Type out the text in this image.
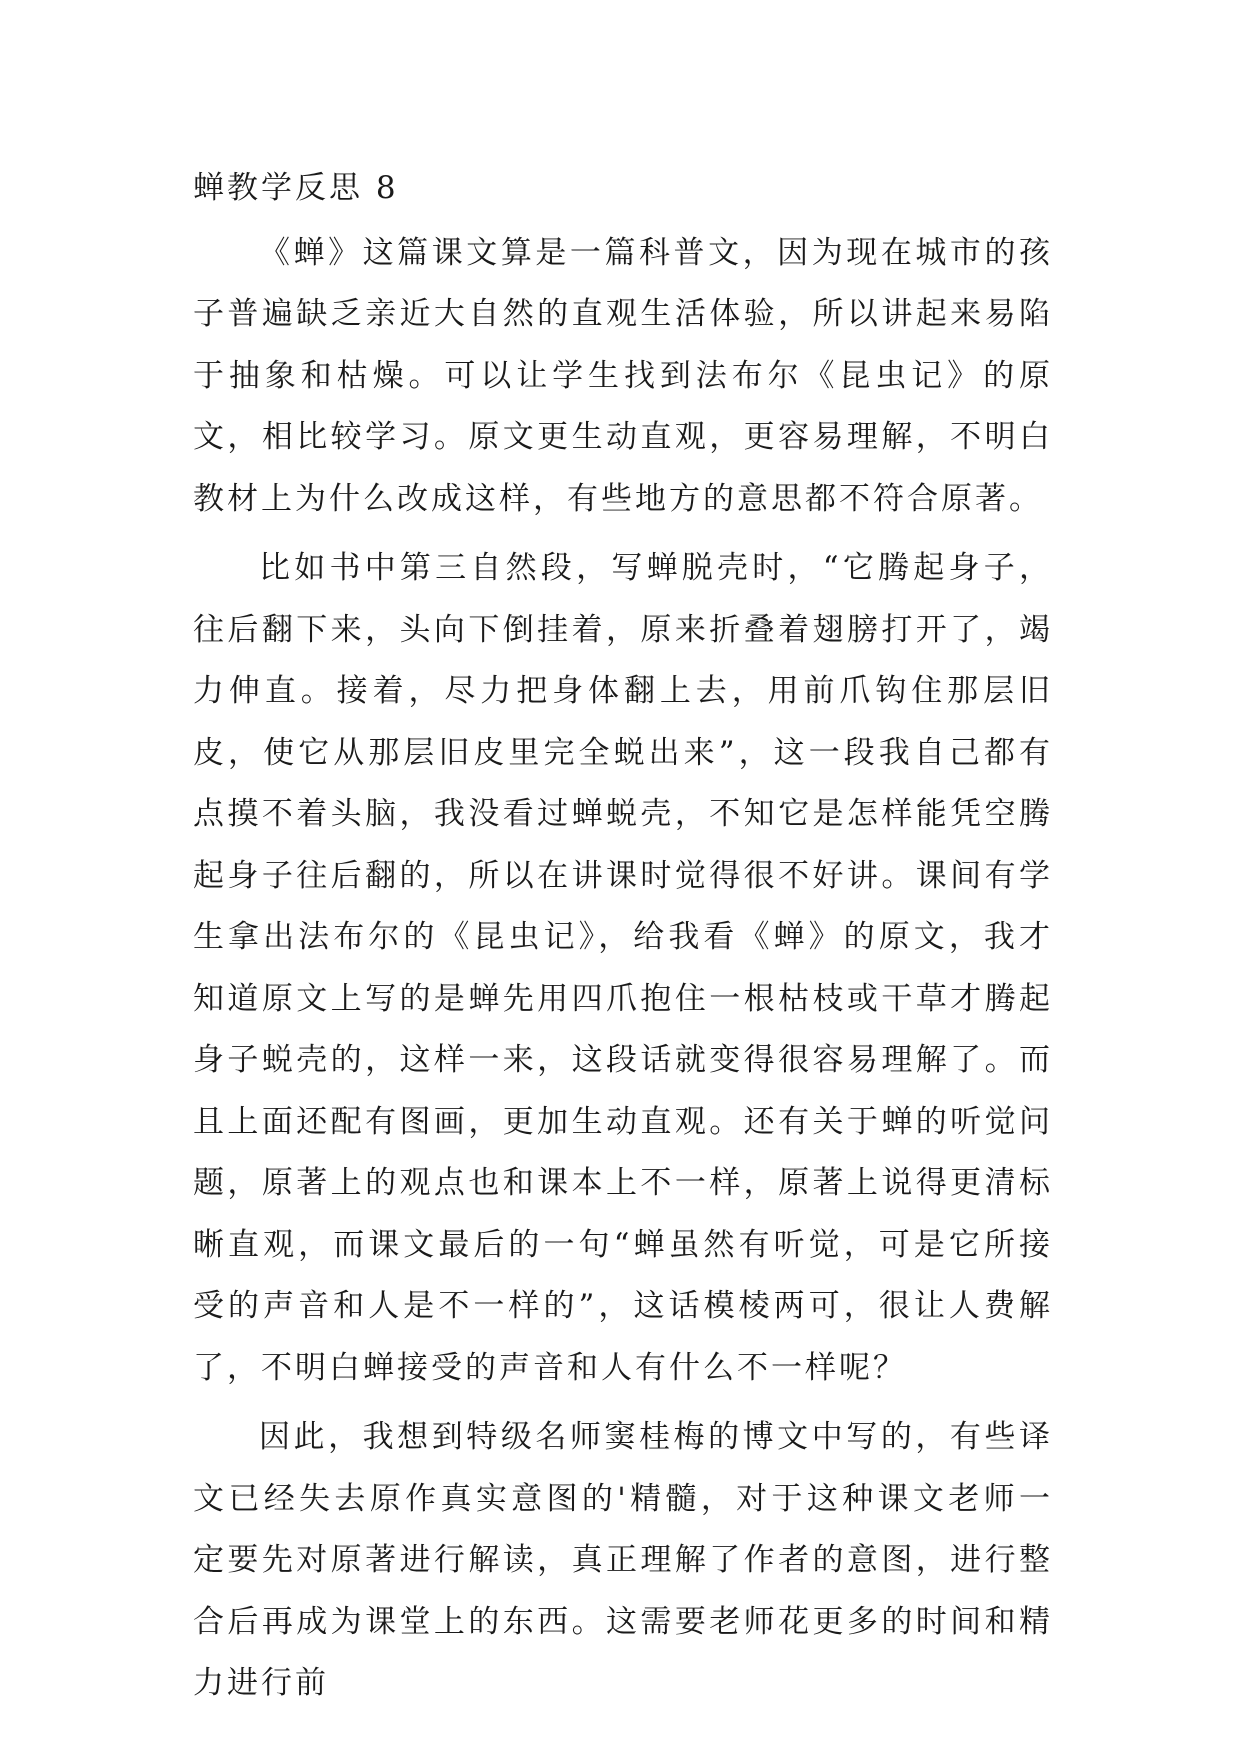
蝉教学反思 8

《蝉》这篇课文算是一篇科普文，因为现在城市的孩子普遍缺乏亲近大自然的直观生活体验，所以讲起来易陷于抽象和枯燥。可以让学生找到法布尔《昆虫记》的原文，相比较学习。原文更生动直观，更容易理解，不明白教材上为什么改成这样，有些地方的意思都不符合原著。

比如书中第三自然段，写蝉脱壳时，“它腾起身子，往后翻下来，头向下倒挂着，原来折叠着翅膀打开了，竭力伸直。接着，尽力把身体翻上去，用前爪钩住那层旧皮，使它从那层旧皮里完全蜕出来”，这一段我自己都有点摸不着头脑，我没看过蝉蜕壳，不知它是怎样能凭空腾起身子往后翻的，所以在讲课时觉得很不好讲。课间有学生拿出法布尔的《昆虫记》，给我看《蝉》的原文，我才知道原文上写的是蝉先用四爪抱住一根枯枝或干草才腾起身子蜕壳的，这样一来，这段话就变得很容易理解了。而且上面还配有图画，更加生动直观。还有关于蝉的听觉问题，原著上的观点也和课本上不一样，原著上说得更清标晰直观，而课文最后的一句“蝉虽然有听觉，可是它所接受的声音和人是不一样的”，这话模棱两可，很让人费解了，不明白蝉接受的声音和人有什么不一样呢？

因此，我想到特级名师窦桂梅的博文中写的，有些译文已经失去原作真实意图的'精髓，对于这种课文老师一定要先对原著进行解读，真正理解了作者的意图，进行整合后再成为课堂上的东西。这需要老师花更多的时间和精力进行前
